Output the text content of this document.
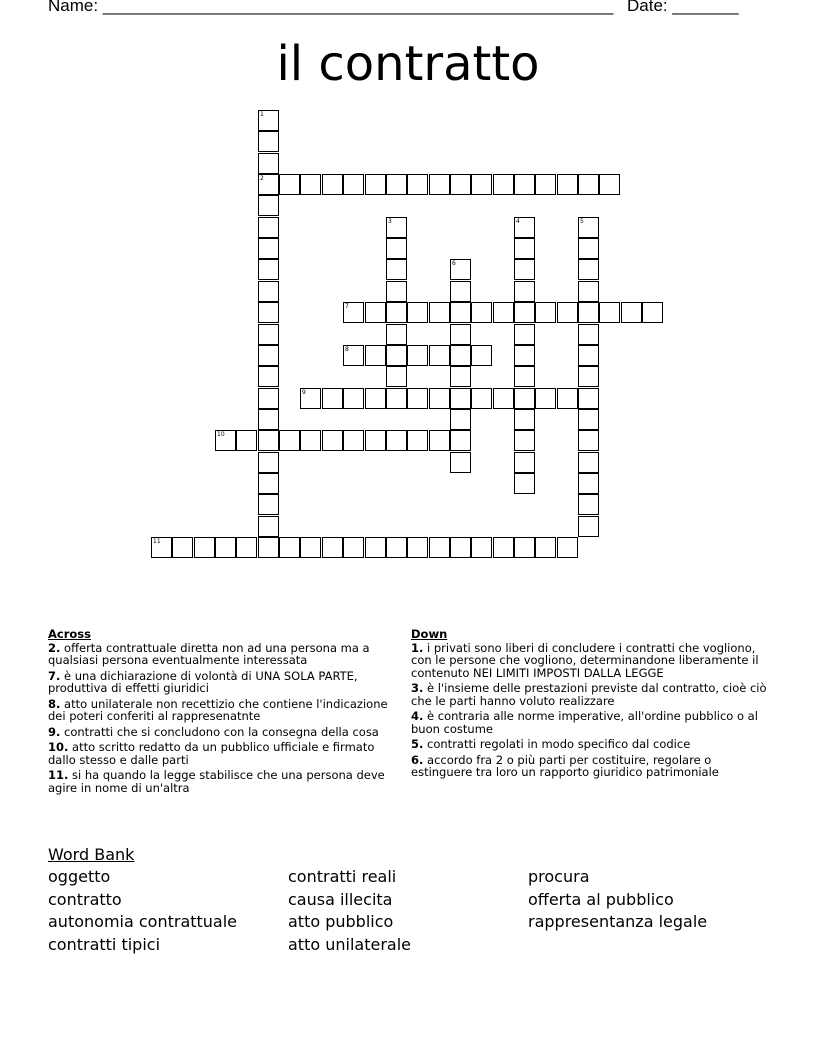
Name: ______________________________________________________ Date: _______
il contratto
1
2
3	4	5
6
7
8
9
10
11
Across
2. offerta contrattuale diretta non ad una persona ma a qualsiasi persona eventualmente interessata
7. è una dichiarazione di volontà di UNA SOLA PARTE, produttiva di effetti giuridici
8. atto unilaterale non recettizio che contiene l'indicazione dei poteri conferiti al rappresenatnte
9. contratti che si concludono con la consegna della cosa
10. atto scritto redatto da un pubblico ufficiale e firmato dallo stesso e dalle parti
11. si ha quando la legge stabilisce che una persona deve agire in nome di un'altra
Down
1. i privati sono liberi di concludere i contratti che vogliono, con le persone che vogliono, determinandone liberamente il contenuto NEI LIMITI IMPOSTI DALLA LEGGE
3. è l'insieme delle prestazioni previste dal contratto, cioè ciò che le parti hanno voluto realizzare
4. è contraria alle norme imperative, all'ordine pubblico o al buon costume
5. contratti regolati in modo specifico dal codice
6. accordo fra 2 o più parti per costituire, regolare o estinguere tra loro un rapporto giuridico patrimoniale
Word Bank
oggetto	contratti reali	procura
contratto	causa illecita	offerta al pubblico
autonomia contrattuale	atto pubblico	rappresentanza legale
contratti tipici	atto unilaterale
